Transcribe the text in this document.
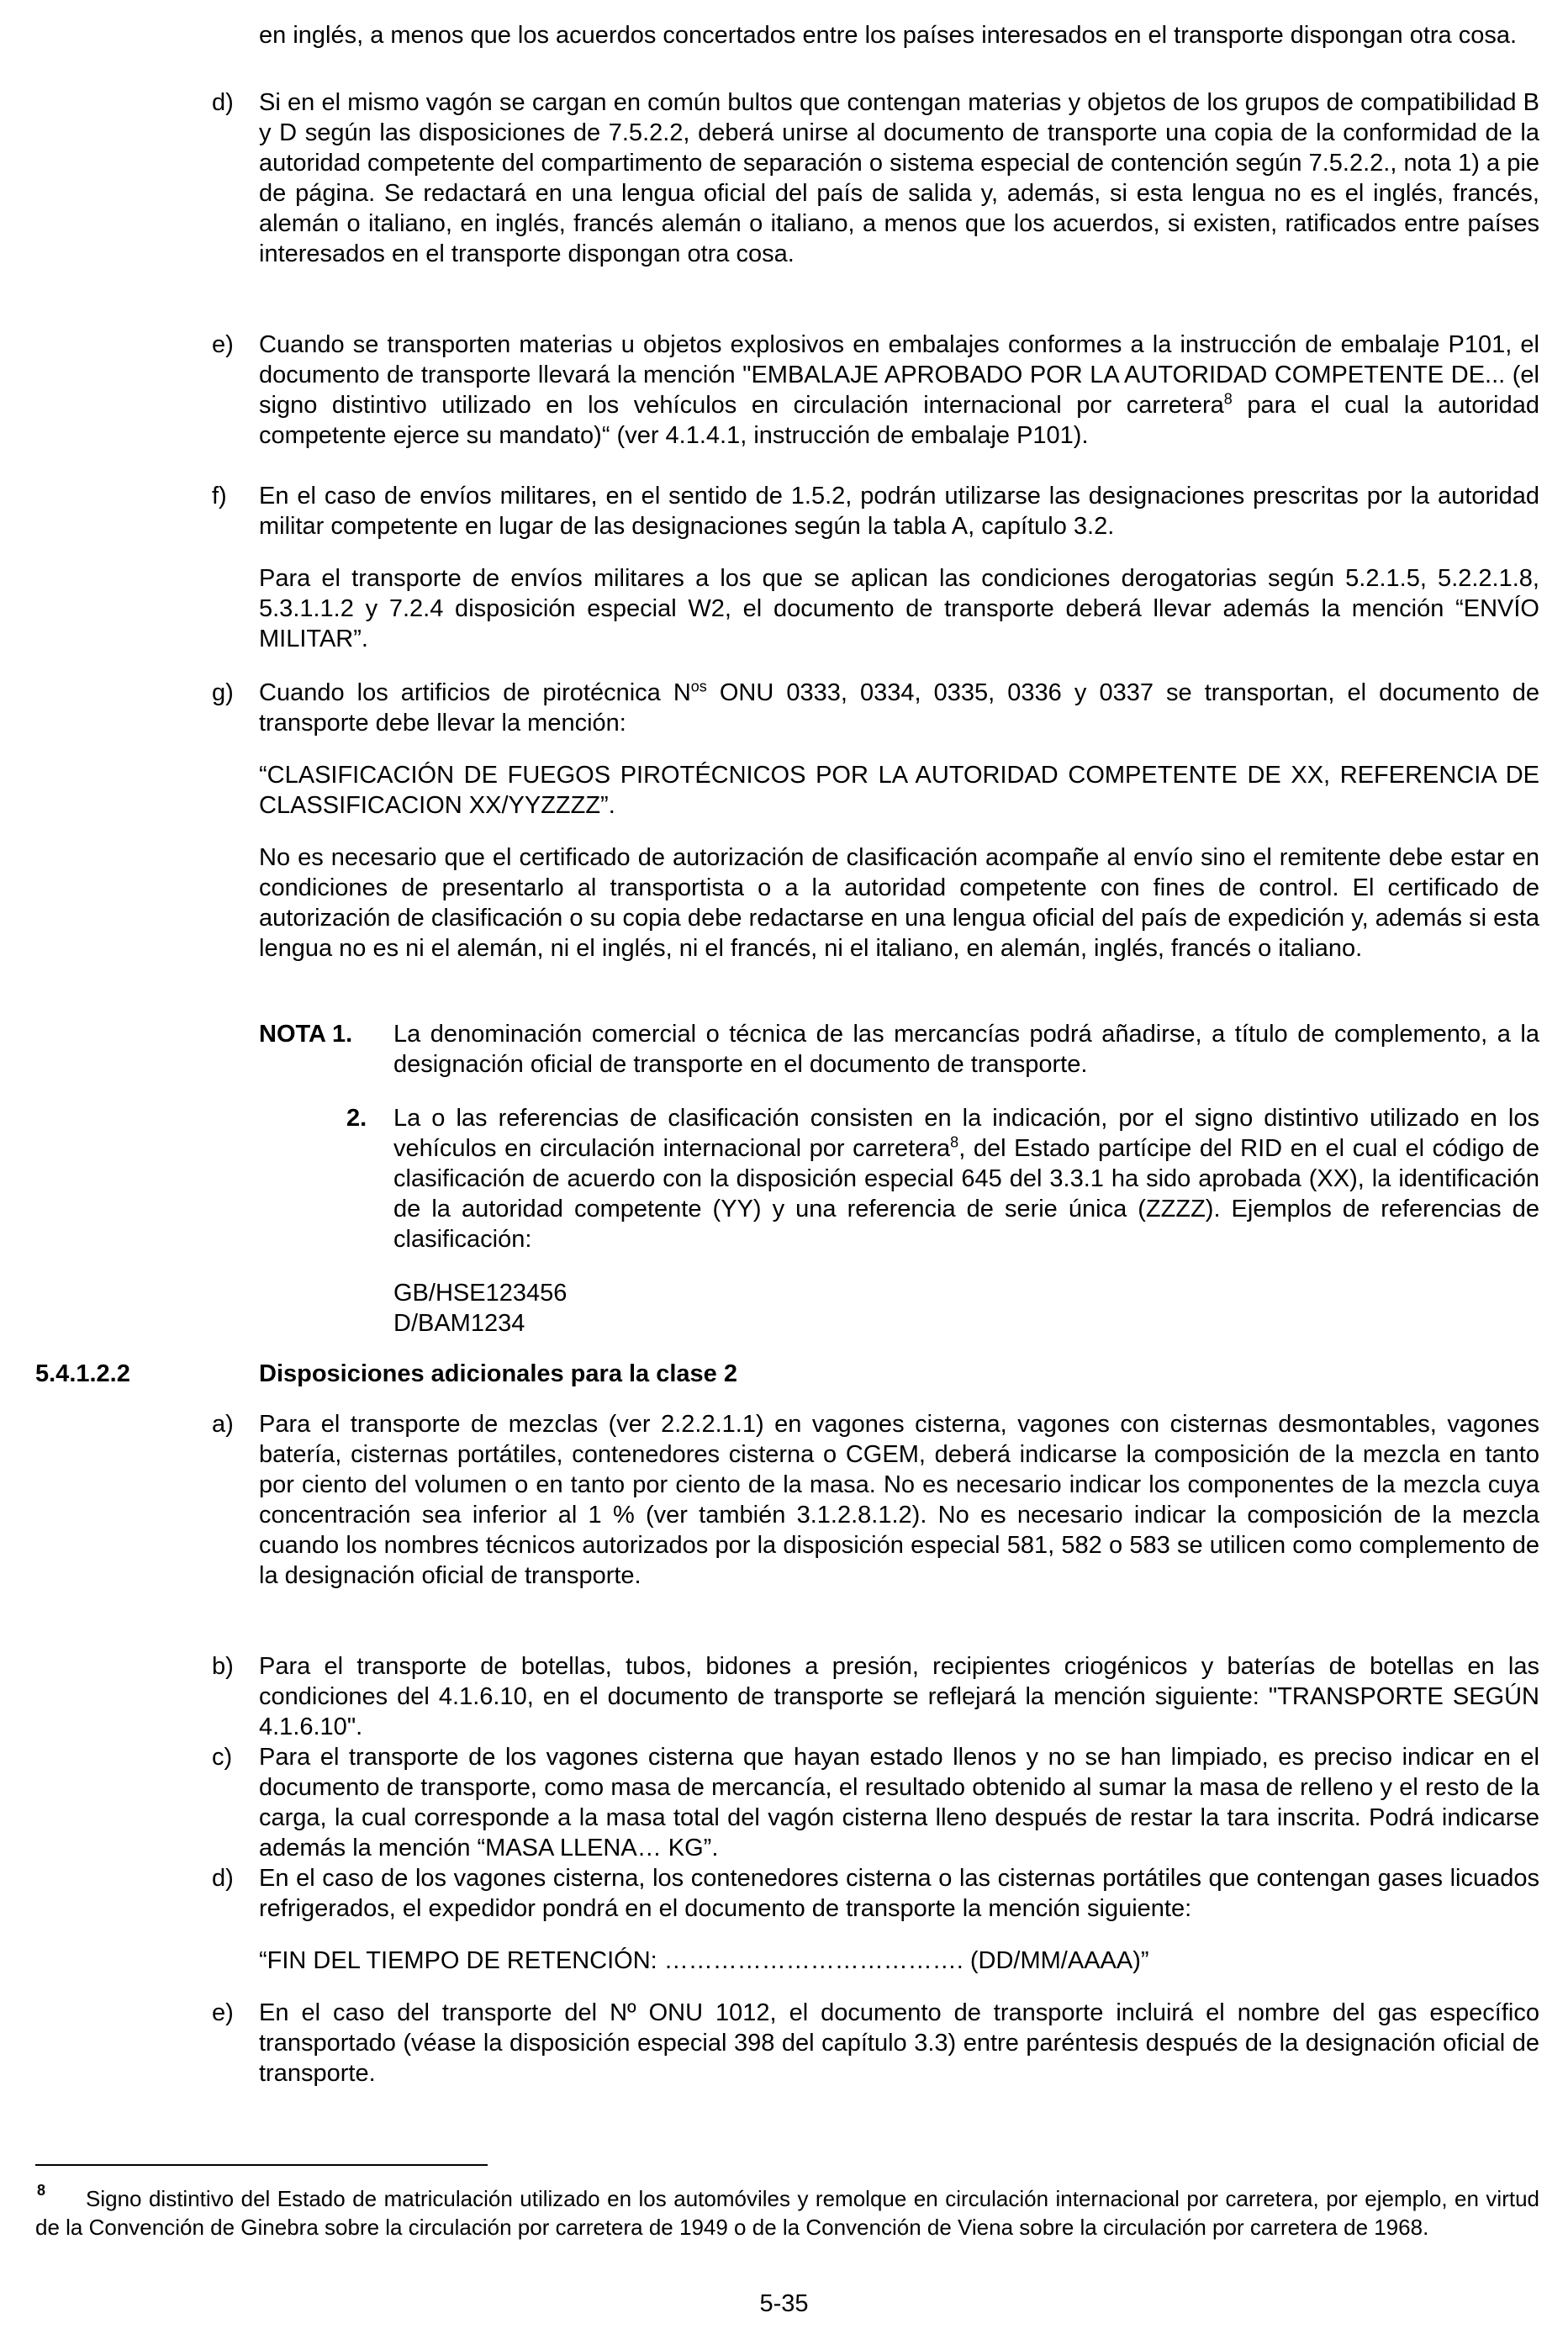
en inglés, a menos que los acuerdos concertados entre los países interesados en el transporte dispongan otra cosa.

d)	Si en el mismo vagón se cargan en común bultos que contengan materias y objetos de los grupos de compatibilidad B y D según las disposiciones de 7.5.2.2, deberá unirse al documento de transporte una copia de la conformidad de la autoridad competente del compartimento de separación o sistema especial de contención según 7.5.2.2., nota 1) a pie de página. Se redactará en una lengua oficial del país de salida y, además, si esta lengua no es el inglés, francés, alemán o italiano, en inglés, francés alemán o italiano, a menos que los acuerdos, si existen, ratificados entre países interesados en el transporte dispongan otra cosa.

e)	Cuando se transporten materias u objetos explosivos en embalajes conformes a la instrucción de embalaje P101, el documento de transporte llevará la mención "EMBALAJE APROBADO POR LA AUTORIDAD COMPETENTE DE... (el signo distintivo utilizado en los vehículos en circulación internacional por carretera$^8$ para el cual la autoridad competente ejerce su mandato)“ (ver 4.1.4.1, instrucción de embalaje P101).

f)	En el caso de envíos militares, en el sentido de 1.5.2, podrán utilizarse las designaciones prescritas por la autoridad militar competente en lugar de las designaciones según la tabla A, capítulo 3.2.

Para el transporte de envíos militares a los que se aplican las condiciones derogatorias según 5.2.1.5, 5.2.2.1.8, 5.3.1.1.2 y 7.2.4 disposición especial W2, el documento de transporte deberá llevar además la mención “ENVÍO MILITAR”.

g)	Cuando los artificios de pirotécnica $N^{os}$ ONU 0333, 0334, 0335, 0336 y 0337 se transportan, el documento de transporte debe llevar la mención:

“CLASIFICACIÓN DE FUEGOS PIROTÉCNICOS POR LA AUTORIDAD COMPETENTE DE XX, REFERENCIA DE CLASSIFICACION XX/YYZZZZ”.

No es necesario que el certificado de autorización de clasificación acompañe al envío sino el remitente debe estar en condiciones de presentarlo al transportista o a la autoridad competente con fines de control. El certificado de autorización de clasificación o su copia debe redactarse en una lengua oficial del país de expedición y, además si esta lengua no es ni el alemán, ni el inglés, ni el francés, ni el italiano, en alemán, inglés, francés o italiano.

NOTA 1. La denominación comercial o técnica de las mercancías podrá añadirse, a título de complemento, a la designación oficial de transporte en el documento de transporte.

2. La o las referencias de clasificación consisten en la indicación, por el signo distintivo utilizado en los vehículos en circulación internacional por carretera$^8$, del Estado partícipe del RID en el cual el código de clasificación de acuerdo con la disposición especial 645 del 3.3.1 ha sido aprobada (XX), la identificación de la autoridad competente (YY) y una referencia de serie única (ZZZZ). Ejemplos de referencias de clasificación:

GB/HSE123456
D/BAM1234
5.4.1.2.2	Disposiciones adicionales para la clase 2
a)	Para el transporte de mezclas (ver 2.2.2.1.1) en vagones cisterna, vagones con cisternas desmontables, vagones batería, cisternas portátiles, contenedores cisterna o CGEM, deberá indicarse la composición de la mezcla en tanto por ciento del volumen o en tanto por ciento de la masa. No es necesario indicar los componentes de la mezcla cuya concentración sea inferior al 1 % (ver también 3.1.2.8.1.2). No es necesario indicar la composición de la mezcla cuando los nombres técnicos autorizados por la disposición especial 581, 582 o 583 se utilicen como complemento de la designación oficial de transporte.

b)	Para el transporte de botellas, tubos, bidones a presión, recipientes criogénicos y baterías de botellas en las condiciones del 4.1.6.10, en el documento de transporte se reflejará la mención siguiente: "TRANSPORTE SEGÚN 4.1.6.10".

c)	Para el transporte de los vagones cisterna que hayan estado llenos y no se han limpiado, es preciso indicar en el documento de transporte, como masa de mercancía, el resultado obtenido al sumar la masa de relleno y el resto de la carga, la cual corresponde a la masa total del vagón cisterna lleno después de restar la tara inscrita. Podrá indicarse además la mención “MASA LLENA… KG”.

d)	En el caso de los vagones cisterna, los contenedores cisterna o las cisternas portátiles que contengan gases licuados refrigerados, el expedidor pondrá en el documento de transporte la mención siguiente:

“FIN DEL TIEMPO DE RETENCIÓN: ………………………………. (DD/MM/AAAA)”

e)	En el caso del transporte del Nº ONU 1012, el documento de transporte incluirá el nombre del gas específico transportado (véase la disposición especial 398 del capítulo 3.3) entre paréntesis después de la designación oficial de transporte.

8	Signo distintivo del Estado de matriculación utilizado en los automóviles y remolque en circulación internacional por carretera, por ejemplo, en virtud de la Convención de Ginebra sobre la circulación por carretera de 1949 o de la Convención de Viena sobre la circulación por carretera de 1968.

5-35
